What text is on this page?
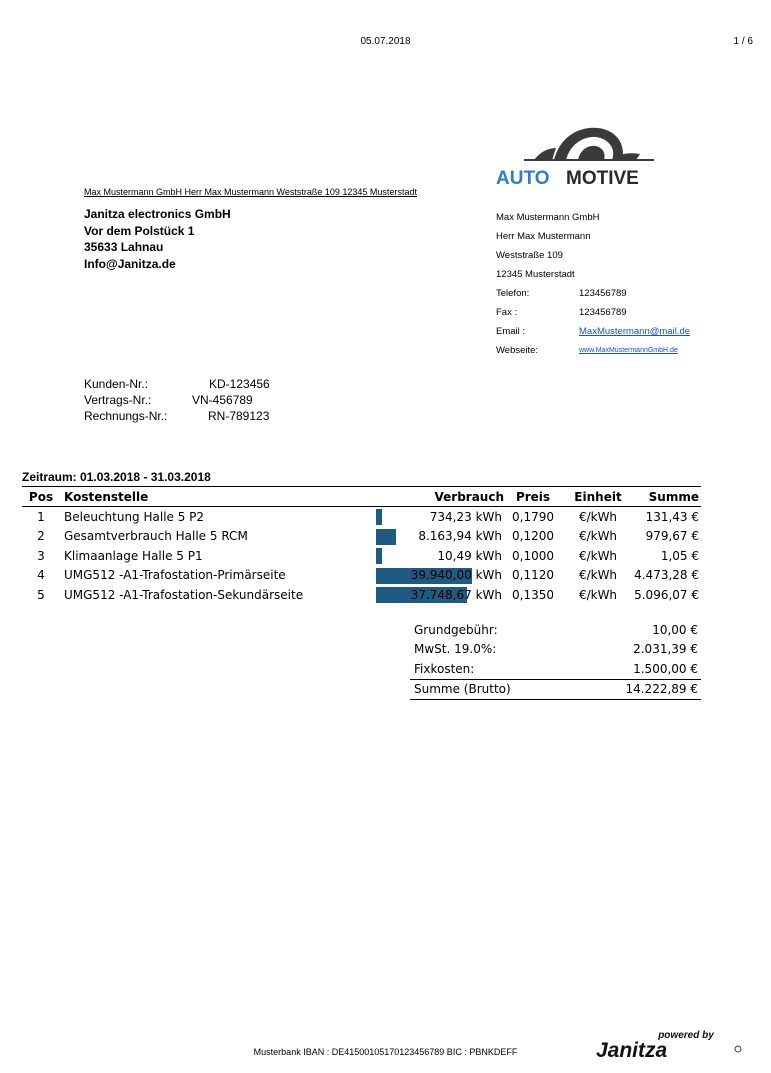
05.07.2018	1 / 6
AUTO MOTIVE
Max Mustermann GmbH Herr Max Mustermann Weststraße 109 12345 Musterstadt
Janitza electronics GmbH
Vor dem Polstück 1
35633 Lahnau
Info@Janitza.de
Max Mustermann GmbH
Herr Max Mustermann
Weststraße 109
12345 Musterstadt
Telefon:	123456789
Fax :	123456789
Email :	MaxMustermann@mail.de
Webseite:	www.MaxMustermannGmbH.de
Kunden-Nr.:	KD-123456
Vertrags-Nr.:	VN-456789
Rechnungs-Nr.:	RN-789123
Zeitraum: 01.03.2018 - 31.03.2018
Pos	Kostenstelle	Verbrauch	Preis	Einheit	Summe
1	Beleuchtung Halle 5 P2	734,23 kWh	0,1790	€/kWh	131,43 €
2	Gesamtverbrauch Halle 5 RCM	8.163,94 kWh	0,1200	€/kWh	979,67 €
3	Klimaanlage Halle 5 P1	10,49 kWh	0,1000	€/kWh	1,05 €
4	UMG512 -A1-Trafostation-Primärseite	39.940,00 kWh	0,1120	€/kWh	4.473,28 €
5	UMG512 -A1-Trafostation-Sekundärseite	37.748,67 kWh	0,1350	€/kWh	5.096,07 €
Grundgebühr:	10,00 €
MwSt. 19.0%:	2.031,39 €
Fixkosten:	1.500,00 €
Summe (Brutto)	14.222,89 €
Musterbank IBAN : DE41500105170123456789 BIC : PBNKDEFF
powered by
Janitza
